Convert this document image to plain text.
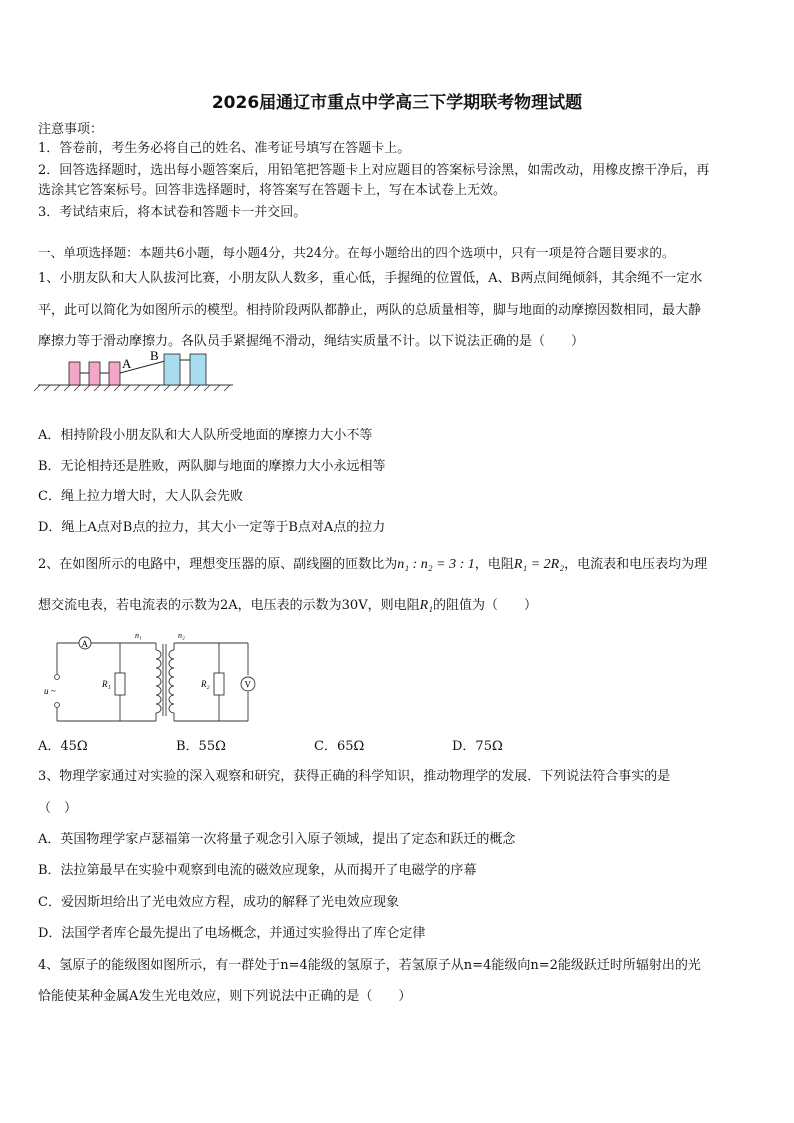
2026届通辽市重点中学高三下学期联考物理试题
注意事项：
1．答卷前，考生务必将自己的姓名、准考证号填写在答题卡上。
2．回答选择题时，选出每小题答案后，用铅笔把答题卡上对应题目的答案标号涂黑，如需改动，用橡皮擦干净后，再
选涂其它答案标号。回答非选择题时，将答案写在答题卡上，写在本试卷上无效。
3．考试结束后，将本试卷和答题卡一并交回。
一、单项选择题：本题共6小题，每小题4分，共24分。在每小题给出的四个选项中，只有一项是符合题目要求的。
1、小朋友队和大人队拔河比赛，小朋友队人数多，重心低，手握绳的位置低，A、B两点间绳倾斜，其余绳不一定水
平，此可以简化为如图所示的模型。相持阶段两队都静止，两队的总质量相等，脚与地面的动摩擦因数相同，最大静
摩擦力等于滑动摩擦力。各队员手紧握绳不滑动，绳结实质量不计。以下说法正确的是（　　）
A
B
A．相持阶段小朋友队和大人队所受地面的摩擦力大小不等
B．无论相持还是胜败，两队脚与地面的摩擦力大小永远相等
C．绳上拉力增大时，大人队会先败
D．绳上A点对B点的拉力，其大小一定等于B点对A点的拉力
2、在如图所示的电路中，理想变压器的原、副线圈的匝数比为n₁ : n₂ = 3 : 1，电阻R₁ = 2R₂，电流表和电压表均为理
想交流电表，若电流表的示数为2A，电压表的示数为30V，则电阻R₁的阻值为（　　）
A
V
u ~
R₁	R₂
n₁	n₂
A．45Ω	B．55Ω	C．65Ω	D．75Ω
3、物理学家通过对实验的深入观察和研究，获得正确的科学知识，推动物理学的发展．下列说法符合事实的是
（　）
A．英国物理学家卢瑟福第一次将量子观念引入原子领域，提出了定态和跃迁的概念
B．法拉第最早在实验中观察到电流的磁效应现象，从而揭开了电磁学的序幕
C．爱因斯坦给出了光电效应方程，成功的解释了光电效应现象
D．法国学者库仑最先提出了电场概念，并通过实验得出了库仑定律
4、氢原子的能级图如图所示，有一群处于n=4能级的氢原子，若氢原子从n=4能级向n=2能级跃迁时所辐射出的光
恰能使某种金属A发生光电效应，则下列说法中正确的是（　　）
